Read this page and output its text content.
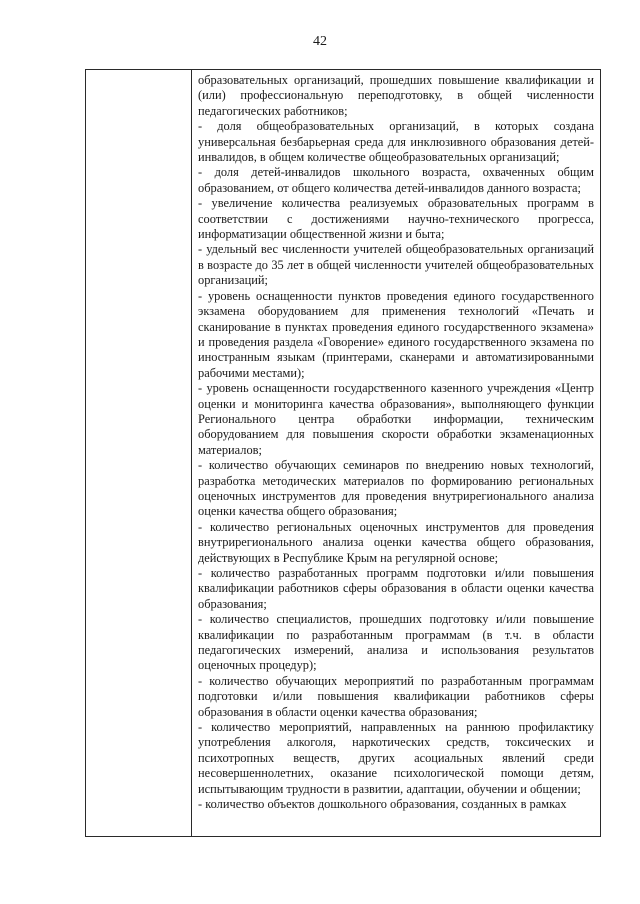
42

образовательных организаций, прошедших повышение квалификации и (или) профессиональную переподготовку, в общей численности педагогических работников;

- доля общеобразовательных организаций, в которых создана универсальная безбарьерная среда для инклюзивного образования детей-инвалидов, в общем количестве общеобразовательных организаций;

- доля детей-инвалидов школьного возраста, охваченных общим образованием, от общего количества детей-инвалидов данного возраста;

- увеличение количества реализуемых образовательных программ в соответствии с достижениями научно-технического прогресса, информатизации общественной жизни и быта;

- удельный вес численности учителей общеобразовательных организаций в возрасте до 35 лет в общей численности учителей общеобразовательных организаций;

- уровень оснащенности пунктов проведения единого государственного экзамена оборудованием для применения технологий «Печать и сканирование в пунктах проведения единого государственного экзамена» и проведения раздела «Говорение» единого государственного экзамена по иностранным языкам (принтерами, сканерами и автоматизированными рабочими местами);

- уровень оснащенности государственного казенного учреждения «Центр оценки и мониторинга качества образования», выполняющего функции Регионального центра обработки информации, техническим оборудованием для повышения скорости обработки экзаменационных материалов;

- количество обучающих семинаров по внедрению новых технологий, разработка методических материалов по формированию региональных оценочных инструментов для проведения внутрирегионального анализа оценки качества общего образования;

- количество региональных оценочных инструментов для проведения внутрирегионального анализа оценки качества общего образования, действующих в Республике Крым на регулярной основе;

- количество разработанных программ подготовки и/или повышения квалификации работников сферы образования в области оценки качества образования;

- количество специалистов, прошедших подготовку и/или повышение квалификации по разработанным программам (в т.ч. в области педагогических измерений, анализа и использования результатов оценочных процедур);

- количество обучающих мероприятий по разработанным программам подготовки и/или повышения квалификации работников сферы образования в области оценки качества образования;

- количество мероприятий, направленных на раннюю профилактику употребления алкоголя, наркотических средств, токсических и психотропных веществ, других асоциальных явлений среди несовершеннолетних, оказание психологической помощи детям, испытывающим трудности в развитии, адаптации, обучении и общении;

- количество объектов дошкольного образования, созданных в рамках
